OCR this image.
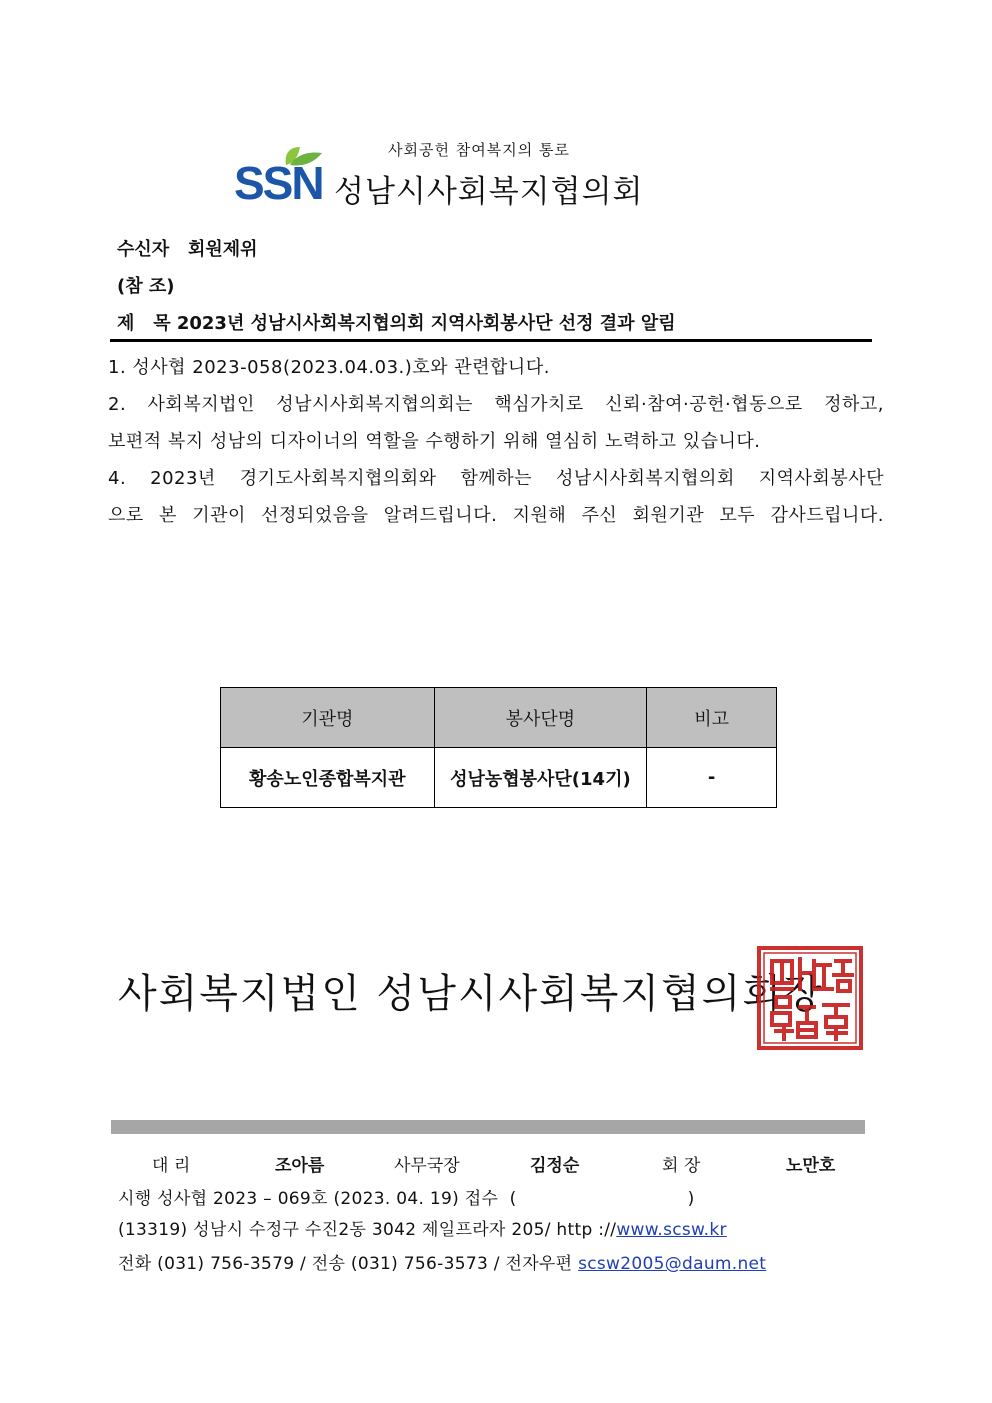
사회공헌 참여복지의 통로
SSN 성남시사회복지협의회
수신자 회원제위
(참 조)
제   목 2023년 성남시사회복지협의회 지역사회봉사단 선정 결과 알림

1. 성사협 2023-058(2023.04.03.)호와 관련합니다.

2. 사회복지법인 성남시사회복지협의회는 핵심가치로 신뢰·참여·공헌·협동으로 정하고,

보편적 복지 성남의 디자이너의 역할을 수행하기 위해 열심히 노력하고 있습니다.

4. 2023년 경기도사회복지협의회와 함께하는 성남시사회복지협의회 지역사회봉사단

으로 본 기관이 선정되었음을 알려드립니다. 지원해 주신 회원기관 모두 감사드립니다.

기관명	봉사단명	비고
황송노인종합복지관	성남농협봉사단(14기)	-
사회복지법인 성남시사회복지협의회장
대 리	조아름	사무국장	김정순	회 장	노만호
시행 성사협 2023 – 069호 (2023. 04. 19) 접수  (                              )
(13319) 성남시 수정구 수진2동 3042 제일프라자 205/ http ://www.scsw.kr
전화 (031) 756-3579 / 전송 (031) 756-3573 / 전자우편 scsw2005@daum.net
